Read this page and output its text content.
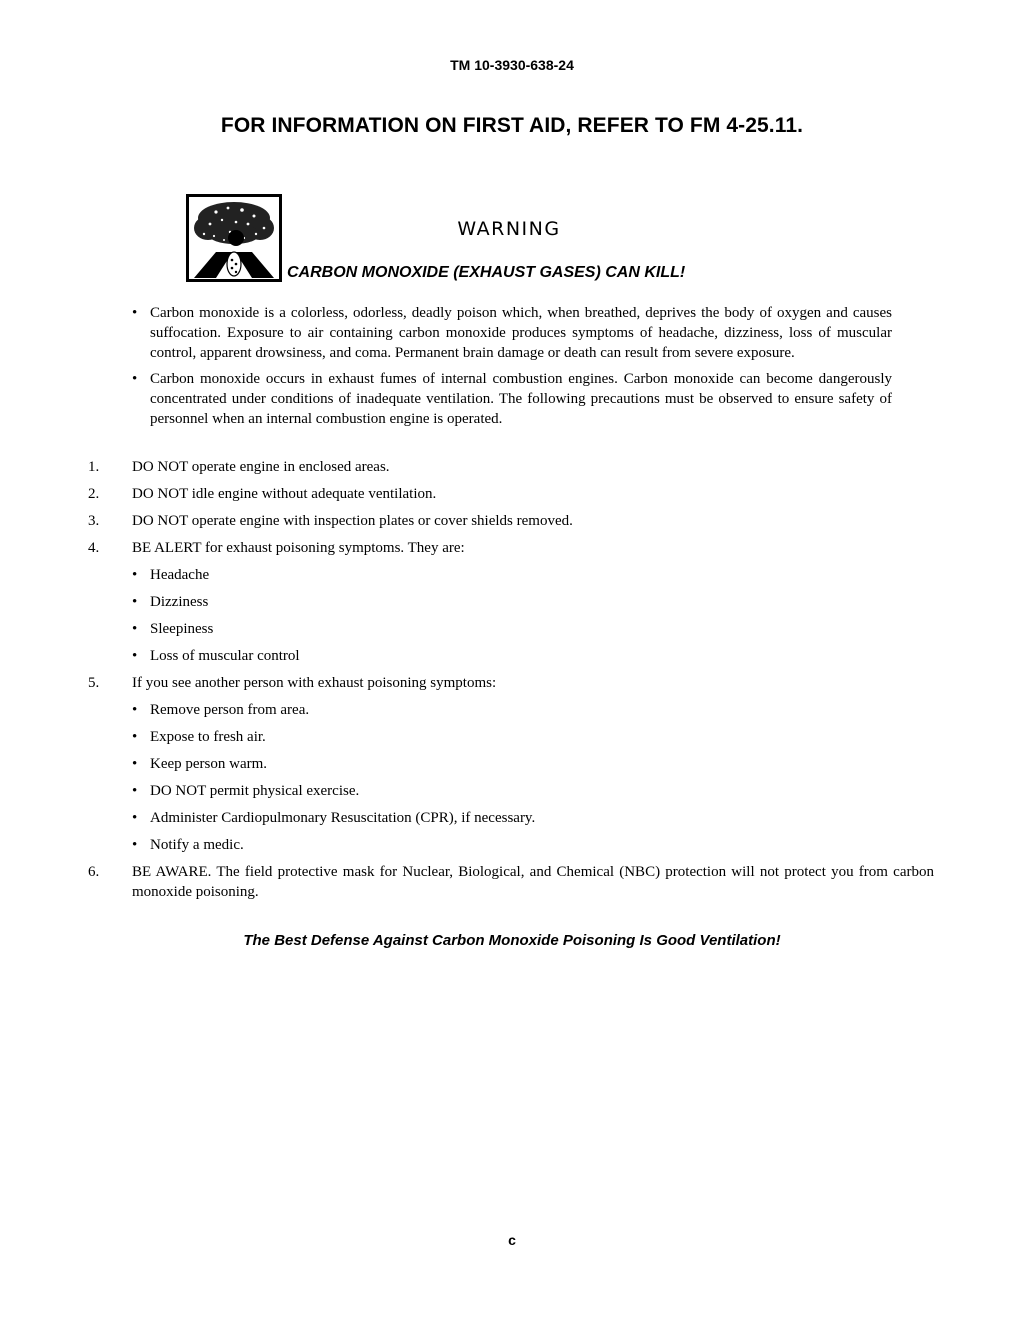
TM 10-3930-638-24
FOR INFORMATION ON FIRST AID, REFER TO FM 4-25.11.
WARNING
CARBON MONOXIDE (EXHAUST GASES) CAN KILL!
• Carbon monoxide is a colorless, odorless, deadly poison which, when breathed, deprives the body of oxygen and causes suffocation. Exposure to air containing carbon monoxide produces symptoms of headache, dizziness, loss of muscular control, apparent drowsiness, and coma. Permanent brain damage or death can result from severe exposure.
• Carbon monoxide occurs in exhaust fumes of internal combustion engines. Carbon monoxide can become dangerously concentrated under conditions of inadequate ventilation. The following precautions must be observed to ensure safety of personnel when an internal combustion engine is operated.
1. DO NOT operate engine in enclosed areas.
2. DO NOT idle engine without adequate ventilation.
3. DO NOT operate engine with inspection plates or cover shields removed.
4. BE ALERT for exhaust poisoning symptoms. They are:
• Headache
• Dizziness
• Sleepiness
• Loss of muscular control
5. If you see another person with exhaust poisoning symptoms:
• Remove person from area.
• Expose to fresh air.
• Keep person warm.
• DO NOT permit physical exercise.
• Administer Cardiopulmonary Resuscitation (CPR), if necessary.
• Notify a medic.
6. BE AWARE. The field protective mask for Nuclear, Biological, and Chemical (NBC) protection will not protect you from carbon monoxide poisoning.
The Best Defense Against Carbon Monoxide Poisoning Is Good Ventilation!
c
